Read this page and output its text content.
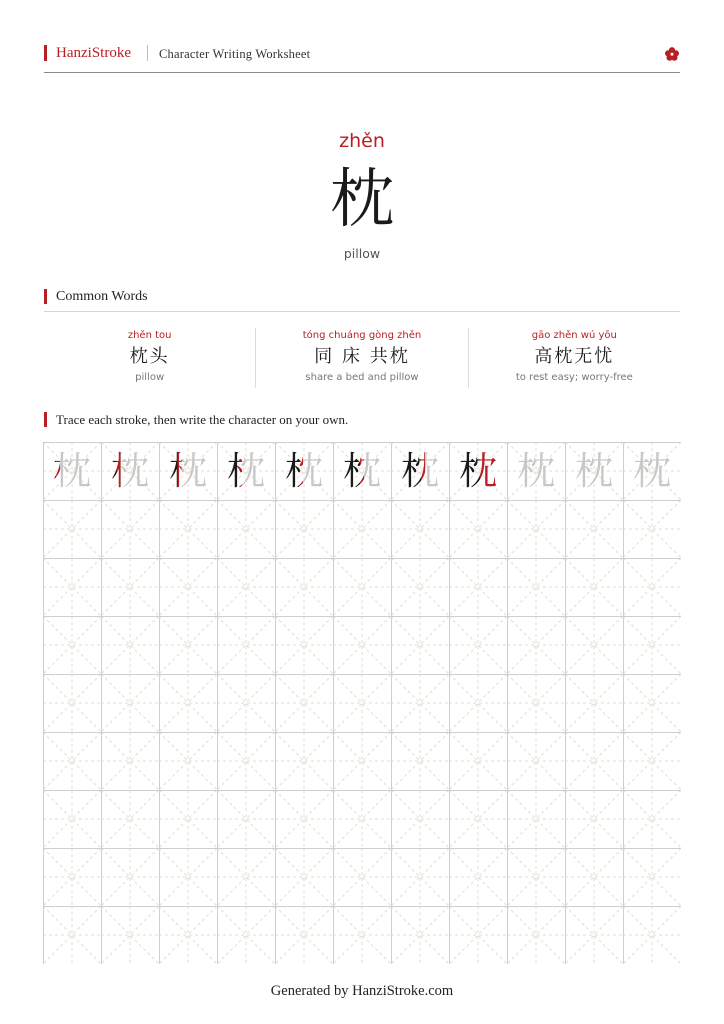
HanziStroke Character Writing Worksheet
zhěn
枕
pillow
Common Words
zhěn tou
枕头
pillow
tóng chuáng gòng zhěn
同 床 共枕
share a bed and pillow
gāo zhěn wú yōu
高枕无忧
to rest easy; worry-free
Trace each stroke, then write the character on your own.
枕 枕 枕 枕 枕 枕 枕 枕 枕 枕 枕
Generated by HanziStroke.com
